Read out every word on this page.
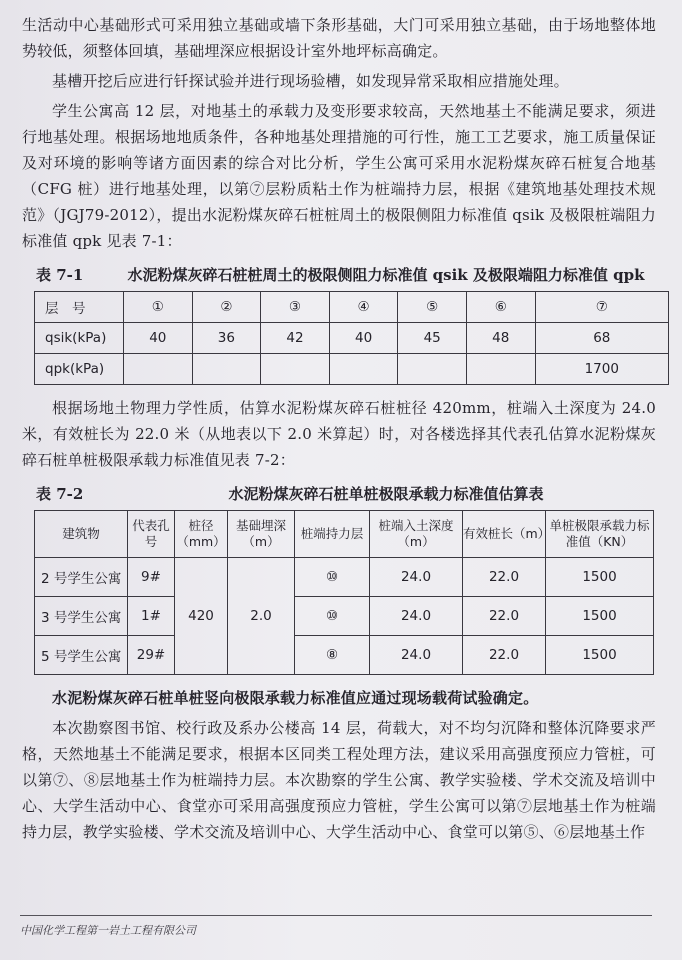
生活动中心基础形式可采用独立基础或墙下条形基础，大门可采用独立基础，由于场地整体地势较低，须整体回填，基础埋深应根据设计室外地坪标高确定。

基槽开挖后应进行钎探试验并进行现场验槽，如发现异常采取相应措施处理。

学生公寓高 12 层，对地基土的承载力及变形要求较高，天然地基土不能满足要求，须进行地基处理。根据场地地质条件，各种地基处理措施的可行性，施工工艺要求，施工质量保证及对环境的影响等诸方面因素的综合对比分析，学生公寓可采用水泥粉煤灰碎石桩复合地基（CFG 桩）进行地基处理，以第⑦层粉质粘土作为桩端持力层，根据《建筑地基处理技术规范》（JGJ79-2012），提出水泥粉煤灰碎石桩桩周土的极限侧阻力标准值 qsik 及极限桩端阻力标准值 qpk 见表 7-1：

表 7-1	水泥粉煤灰碎石桩桩周土的极限侧阻力标准值 qsik 及极限端阻力标准值 qpk
层　号	①	②	③	④	⑤	⑥	⑦
qsik(kPa)	40	36	42	40	45	48	68
qpk(kPa)							1700

根据场地土物理力学性质，估算水泥粉煤灰碎石桩桩径 420mm，桩端入土深度为 24.0 米，有效桩长为 22.0 米（从地表以下 2.0 米算起）时，对各楼选择其代表孔估算水泥粉煤灰碎石桩单桩极限承载力标准值见表 7-2：

表 7-2	水泥粉煤灰碎石桩单桩极限承载力标准值估算表
建筑物	代表孔号	桩径（mm）	基础埋深（m）	桩端持力层	桩端入土深度（m）	有效桩长（m）	单桩极限承载力标准值（KN）
2 号学生公寓	9#	420	2.0	⑩	24.0	22.0	1500
3 号学生公寓	1#			⑩	24.0	22.0	1500
5 号学生公寓	29#			⑧	24.0	22.0	1500

水泥粉煤灰碎石桩单桩竖向极限承载力标准值应通过现场载荷试验确定。

本次勘察图书馆、校行政及系办公楼高 14 层，荷载大，对不均匀沉降和整体沉降要求严格，天然地基土不能满足要求，根据本区同类工程处理方法，建议采用高强度预应力管桩，可以第⑦、⑧层地基土作为桩端持力层。本次勘察的学生公寓、教学实验楼、学术交流及培训中心、大学生活动中心、食堂亦可采用高强度预应力管桩，学生公寓可以第⑦层地基土作为桩端持力层，教学实验楼、学术交流及培训中心、大学生活动中心、食堂可以第⑤、⑥层地基土作

中国化学工程第一岩土工程有限公司
